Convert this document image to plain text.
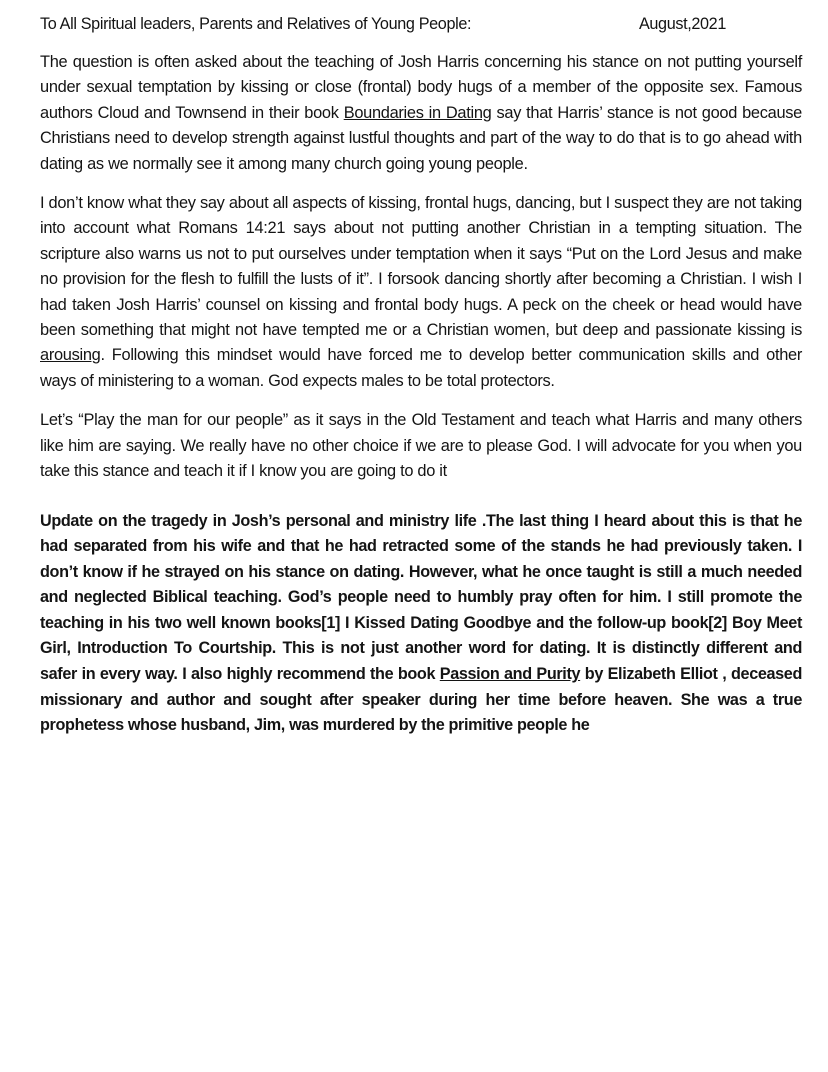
To All Spiritual leaders, Parents and Relatives of Young People:	August,2021

The question is often asked about the teaching of Josh Harris concerning his stance on not putting yourself under sexual temptation by kissing or close (frontal) body hugs of a member of the opposite sex. Famous authors Cloud and Townsend in their book Boundaries in Dating say that Harris’ stance is not good because Christians need to develop strength against lustful thoughts and part of the way to do that is to go ahead with dating as we normally see it among many church going young people.

I don’t know what they say about all aspects of kissing, frontal hugs, dancing, but I suspect they are not taking into account what Romans 14:21 says about not putting another Christian in a tempting situation. The scripture also warns us not to put ourselves under temptation when it says “Put on the Lord Jesus and make no provision for the flesh to fulfill the lusts of it”. I forsook dancing shortly after becoming a Christian. I wish I had taken Josh Harris’ counsel on kissing and frontal body hugs. A peck on the cheek or head would have been something that might not have tempted me or a Christian women, but deep and passionate kissing is arousing. Following this mindset would have forced me to develop better communication skills and other ways of ministering to a woman. God expects males to be total protectors.

Let’s “Play the man for our people” as it says in the Old Testament and teach what Harris and many others like him are saying. We really have no other choice if we are to please God. I will advocate for you when you take this stance and teach it if I know you are going to do it

Update on the tragedy in Josh’s personal and ministry life .The last thing I heard about this is that he had separated from his wife and that he had retracted some of the stands he had previously taken. I don’t know if he strayed on his stance on dating. However, what he once taught is still a much needed and neglected Biblical teaching. God’s people need to humbly pray often for him. I still promote the teaching in his two well known books[1] I Kissed Dating Goodbye and the follow-up book[2] Boy Meet Girl, Introduction To Courtship. This is not just another word for dating. It is distinctly different and safer in every way. I also highly recommend the book Passion and Purity by Elizabeth Elliot , deceased missionary and author and sought after speaker during her time before heaven. She was a true prophetess whose husband, Jim, was murdered by the primitive people he
